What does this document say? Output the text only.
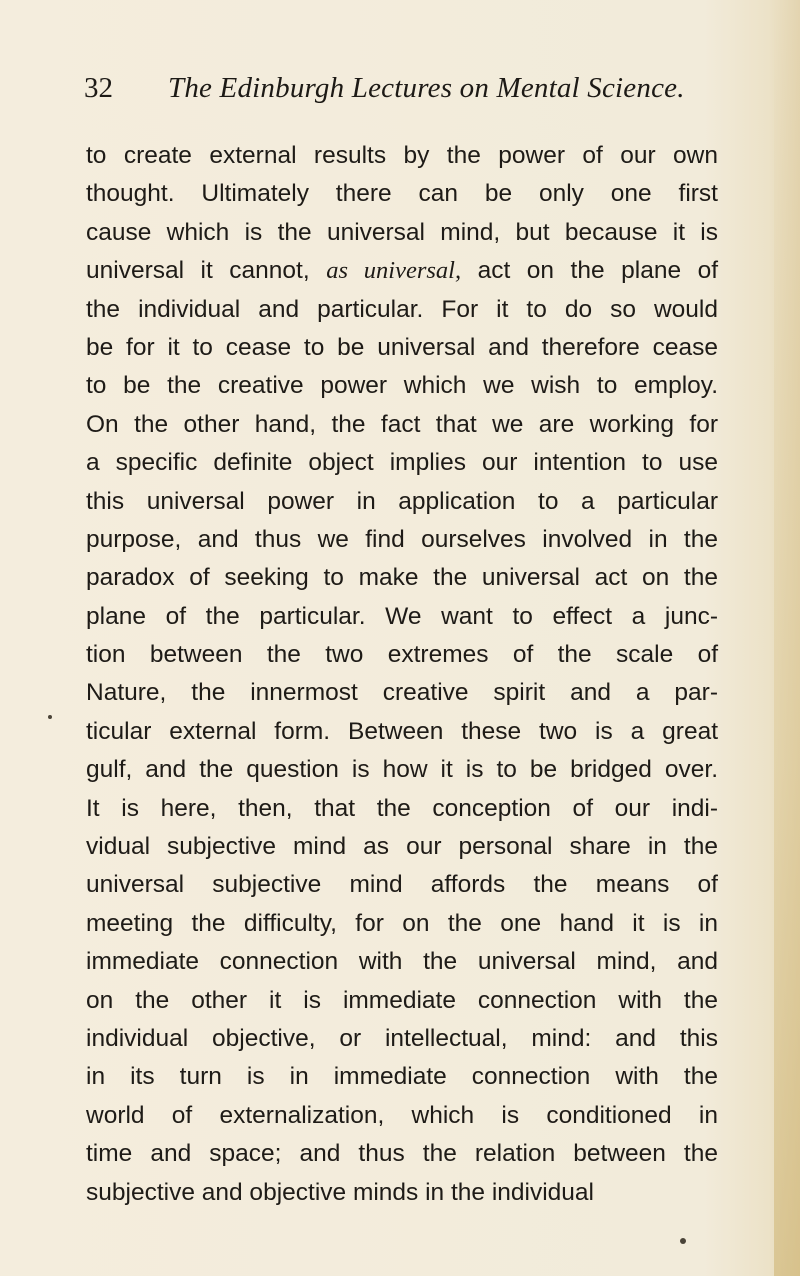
32 The Edinburgh Lectures on Mental Science.
to create external results by the power of our own
thought. Ultimately there can be only one first
cause which is the universal mind, but because it is
universal it cannot, as universal, act on the plane of
the individual and particular. For it to do so would
be for it to cease to be universal and therefore cease
to be the creative power which we wish to employ.
On the other hand, the fact that we are working for
a specific definite object implies our intention to use
this universal power in application to a particular
purpose, and thus we find ourselves involved in the
paradox of seeking to make the universal act on the
plane of the particular. We want to effect a junc-
tion between the two extremes of the scale of
Nature, the innermost creative spirit and a par-
ticular external form. Between these two is a great
gulf, and the question is how it is to be bridged over.
It is here, then, that the conception of our indi-
vidual subjective mind as our personal share in the
universal subjective mind affords the means of
meeting the difficulty, for on the one hand it is in
immediate connection with the universal mind, and
on the other it is immediate connection with the
individual objective, or intellectual, mind: and this
in its turn is in immediate connection with the
world of externalization, which is conditioned in
time and space; and thus the relation between the
subjective and objective minds in the individual
